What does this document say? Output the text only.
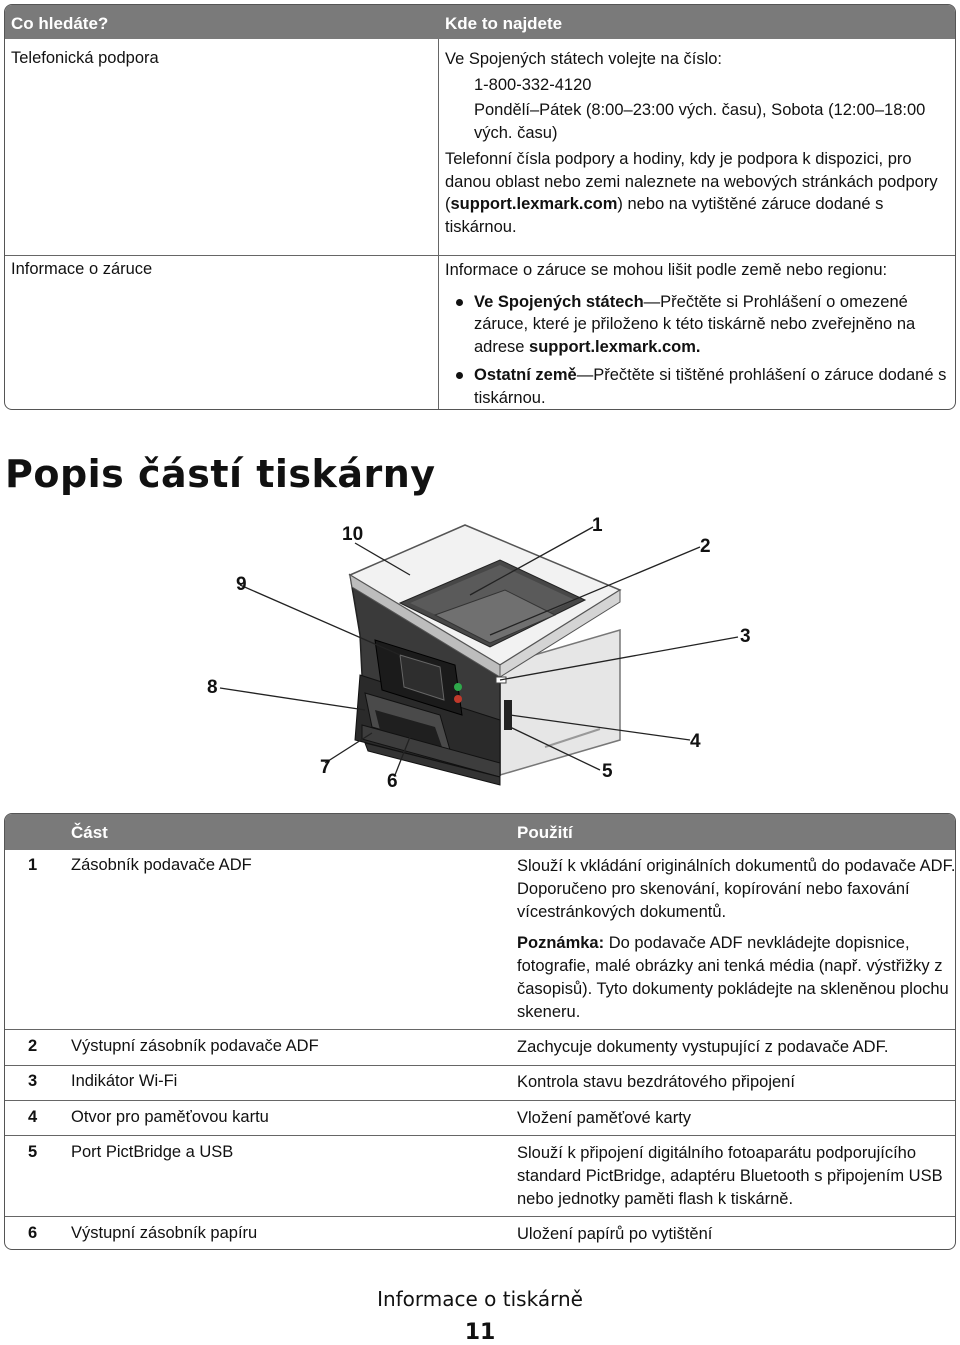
Co hledáte?	Kde to najdete
Telefonická podpora	Ve Spojených státech volejte na číslo:
1-800-332-4120
Pondělí–Pátek (8:00–23:00 vých. času), Sobota (12:00–18:00
vých. času)
Telefonní čísla podpory a hodiny, kdy je podpora k dispozici, pro danou oblast nebo zemi naleznete na webových stránkách podpory (support.lexmark.com) nebo na vytištěné záruce dodané s tiskárnou.
Informace o záruce	Informace o záruce se mohou lišit podle země nebo regionu:
Ve Spojených státech—Přečtěte si Prohlášení o omezené záruce, které je přiloženo k této tiskárně nebo zveřejněno na adrese support.lexmark.com.
Ostatní země—Přečtěte si tištěné prohlášení o záruce dodané s tiskárnou.
Popis částí tiskárny
1
2
3
4
5
6
7
8
9
10
Část	Použití
1 Zásobník podavače ADF	Slouží k vkládání originálních dokumentů do podavače ADF. Doporučeno pro skenování, kopírování nebo faxování vícestránkových dokumentů.
Poznámka: Do podavače ADF nevkládejte dopisnice, fotografie, malé obrázky ani tenká média (např. výstřižky z časopisů). Tyto dokumenty pokládejte na skleněnou plochu skeneru.
2 Výstupní zásobník podavače ADF	Zachycuje dokumenty vystupující z podavače ADF.
3 Indikátor Wi-Fi	Kontrola stavu bezdrátového připojení
4 Otvor pro paměťovou kartu	Vložení paměťové karty
5 Port PictBridge a USB	Slouží k připojení digitálního fotoaparátu podporujícího standard PictBridge, adaptéru Bluetooth s připojením USB nebo jednotky paměti flash k tiskárně.
6 Výstupní zásobník papíru	Uložení papírů po vytištění
Informace o tiskárně
11
